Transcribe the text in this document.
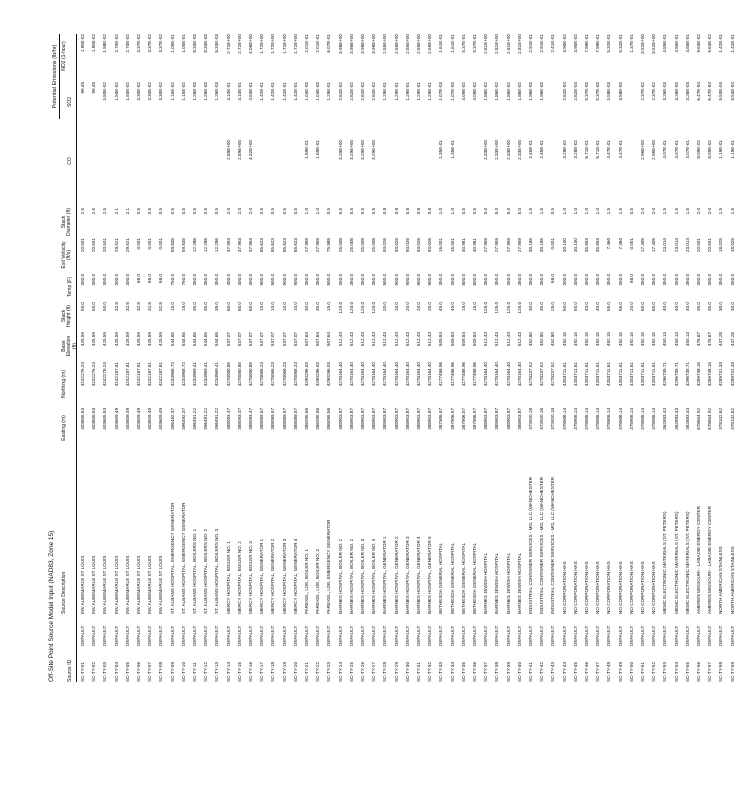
Off-Site Point Source Model Input (NAD83, Zone 15)
Potential Emissions (lb/hr)
Source ID
Source Description
Easting (m)
Northing (m)
Base Elevation (ft)
Stack Height (ft)
Temp (F)
Exit Velocity (ft/s)
Stack Diameter (ft)
CO
SO2
NO2 (1-hour)
SC-TY-01
DEFAULT
INV ALBEMARLE ST LOUIS
403605.53
4242276.24
425.59
50.0
300.0
20.501
2.5
99.45
1.980-02
SC-TY-02
DEFAULT
INV ALBEMARLE ST LOUIS
403605.53
4242276.24
425.59
50.0
300.0
20.501
2.5
99.45
1.980-02
SC-TY-03
DEFAULT
INV ALBEMARLE ST LOUIS
403605.53
4242276.24
425.59
50.0
300.0
20.501
2.5
3.80E-02
1.98E-02
SC-TY-04
DEFAULT
INV ALBEMARLE ST LOUIS
403609.49
4242187.81
425.59
32.8
300.0
29.521
2.1
1.50E-02
2.70E-02
SC-TY-05
DEFAULT
INV ALBEMARLE ST LOUIS
403609.49
4242187.81
425.59
32.8
300.0
29.521
2.1
1.50E-02
2.70E-02
SC-TY-06
DEFAULT
INV ALBEMARLE ST LOUIS
403609.49
4242187.81
425.59
32.8
68.0
0.001
0.5
3.30E-02
3.37E-02
SC-TY-07
DEFAULT
INV ALBEMARLE ST LOUIS
403609.49
4242187.81
425.59
32.8
68.0
0.001
0.5
3.30E-02
3.37E-02
SC-TY-08
DEFAULT
INV ALBEMARLE ST LOUIS
403609.49
4242187.81
425.59
32.8
68.0
0.001
0.5
3.30E-02
3.37E-02
SC-TY-09
DEFAULT
ST. ALBANS HOSPITAL, EMERGENCY GENERATOR
396492.37
4234968.72
544.65
15.0
750.0
59.835
0.5
1.15E-02
1.05E-01
SC-TY-10
DEFAULT
ST. ALBANS HOSPITAL, EMERGENCY GENERATOR
396492.37
4234968.72
544.65
15.0
750.0
59.835
0.5
1.15E-02
1.05E-01
SC-TY-11
DEFAULT
ST. ALBANS HOSPITAL, BOILERS NO. 1
396491.22
4234969.41
544.65
35.0
350.0
12.286
0.5
1.26E-03
8.33E-03
SC-TY-12
DEFAULT
ST. ALBANS HOSPITAL, BOILERS NO. 2
396491.22
4234969.41
544.65
35.0
350.0
12.286
0.5
1.26E-03
8.33E-03
SC-TY-13
DEFAULT
ST. ALBANS HOSPITAL, BOILERS NO. 3
396491.22
4234969.41
544.65
35.0
350.0
12.286
0.5
1.26E-03
8.33E-03
SC-TY-14
DEFAULT
MERCY HOSPITAL, BOILER NO. 1
388093.47
4278080.85
537.07
60.0
400.0
37.953
2.0
2.89E+00
3.10E-01
2.72E+00
SC-TY-15
DEFAULT
MERCY HOSPITAL, BOILER NO. 2
388093.47
4278080.85
537.07
60.0
400.0
37.953
2.0
2.89E+00
3.10E-01
2.72E+00
SC-TY-16
DEFAULT
MERCY HOSPITAL, BOILER NO. 3
388093.47
4278080.85
537.07
60.0
400.0
37.953
2.0
4.32E+00
4.63E-01
4.06E+00
SC-TY-17
DEFAULT
MERCY HOSPITAL, GENERATOR 1
388089.57
4278066.23
537.07
10.0
900.0
85.623
0.5
1.42E-01
1.72E+00
SC-TY-18
DEFAULT
MERCY HOSPITAL, GENERATOR 2
388089.57
4278066.23
537.07
10.0
900.0
85.623
0.5
1.42E-01
1.72E+00
SC-TY-19
DEFAULT
MERCY HOSPITAL, GENERATOR 3
388089.57
4278066.23
537.07
10.0
900.0
85.623
0.5
1.42E-01
1.72E+00
SC-TY-20
DEFAULT
MERCY HOSPITAL, GENERATOR 4
388089.57
4278066.23
537.07
10.0
900.0
85.623
0.5
1.42E-01
1.72E+00
SC-TY-21
DEFAULT
PAREXEL, LDE, BOILER NO. 1
386095.56
4290296.03
507.64
30.0
350.0
27.959
1.0
1.69E-01
1.04E-03
2.01E-01
SC-TY-22
DEFAULT
PAREXEL, LDE, BOILER NO. 2
386095.56
4290296.03
507.64
30.0
350.0
27.959
1.0
1.69E-01
1.04E-03
2.01E-01
SC-TY-23
DEFAULT
PAREXEL, LDE, EMERGENCY GENERATOR
386095.56
4290296.03
507.64
15.0
800.0
75.988
0.5
1.29E-01
6.07E-01
SC-TY-24
DEFAULT
BARNES HOSPITAL, BOILER NO. 1
388903.87
4278164.40
512.43
120.0
350.0
25.008
5.5
3.29E+00
2.62E-02
3.98E+00
SC-TY-25
DEFAULT
BARNES HOSPITAL, BOILER NO. 2
388903.87
4278164.40
512.43
120.0
350.0
25.008
5.5
3.29E+00
2.62E-02
3.98E+00
SC-TY-26
DEFAULT
BARNES HOSPITAL, BOILER NO. 3
388903.87
4278164.40
512.43
120.0
350.0
25.008
5.5
3.29E+00
2.62E-02
3.98E+00
SC-TY-27
DEFAULT
BARNES HOSPITAL, BOILER NO. 4
388903.87
4278164.40
512.43
120.0
350.0
25.008
5.5
3.29E+00
2.62E-02
3.98E+00
SC-TY-28
DEFAULT
BARNES HOSPITAL, GENERATOR 1
388903.87
4278164.40
512.43
20.0
900.0
93.026
0.8
1.29E-01
2.55E+00
SC-TY-29
DEFAULT
BARNES HOSPITAL, GENERATOR 2
388903.87
4278164.40
512.43
20.0
900.0
93.026
0.8
1.29E-01
2.55E+00
SC-TY-30
DEFAULT
BARNES HOSPITAL, GENERATOR 3
388903.87
4278164.40
512.43
20.0
900.0
93.026
0.8
1.29E-01
2.55E+00
SC-TY-31
DEFAULT
BARNES HOSPITAL, GENERATOR 4
388903.87
4278164.40
512.43
20.0
900.0
93.026
0.8
1.29E-01
2.55E+00
SC-TY-32
DEFAULT
BARNES HOSPITAL, GENERATOR 5
388903.87
4278164.40
512.43
20.0
900.0
93.026
0.8
1.29E-01
2.55E+00
SC-TY-33
DEFAULT
BETHESDA GENERAL HOSPITAL
387906.57
4277486.96
509.84
45.0
350.0
16.001
1.0
1.35E-01
1.07E-03
1.61E-01
SC-TY-34
DEFAULT
BETHESDA GENERAL HOSPITAL
387906.57
4277486.96
509.84
45.0
350.0
16.001
1.0
1.35E-01
1.07E-03
1.61E-01
SC-TY-35
DEFAULT
BETHESDA GENERAL HOSPITAL
387906.57
4277486.96
509.84
15.0
800.0
40.981
0.5
4.09E-02
5.37E-01
SC-TY-36
DEFAULT
BETHESDA GENERAL HOSPITAL
387906.57
4277486.96
509.84
15.0
800.0
40.981
0.5
4.09E-02
5.37E-01
SC-TY-37
DEFAULT
BARNES JEWISH HOSPITAL
388903.87
4278164.40
512.43
125.0
350.0
27.959
5.0
2.33E+00
1.86E-02
2.81E+00
SC-TY-38
DEFAULT
BARNES JEWISH HOSPITAL
388903.87
4278164.40
512.43
125.0
350.0
27.959
5.0
2.33E+00
1.86E-02
2.81E+00
SC-TY-39
DEFAULT
BARNES JEWISH HOSPITAL
388903.87
4278164.40
512.43
125.0
350.0
27.959
5.0
2.33E+00
1.86E-02
2.81E+00
SC-TY-40
DEFAULT
BARNES JEWISH HOSPITAL
388903.87
4278164.40
512.43
125.0
350.0
27.959
5.0
2.33E+00
1.86E-02
2.81E+00
SC-TY-41
DEFAULT
INDUSTRIAL CONTAINER SERVICES - MO, LLC (MANCHESTER
373920.18
4278237.52
452.80
30.0
350.0
30.185
1.5
2.45E-01
1.96E-03
2.91E-01
SC-TY-42
DEFAULT
INDUSTRIAL CONTAINER SERVICES - MO, LLC (MANCHESTER
373920.18
4278237.52
452.80
30.0
350.0
30.185
1.5
2.45E-01
1.96E-03
2.91E-01
SC-TY-43
DEFAULT
INDUSTRIAL CONTAINER SERVICES - MO, LLC (MANCHESTER
373920.18
4278237.52
452.80
25.0
68.0
0.001
0.5
2.41E-01
SC-TY-44
DEFAULT
NO CORPORATION HAS
378906.14
4283711.61
492.15
50.0
300.0
30.100
1.0
3.28E-02
2.62E-04
3.90E-02
SC-TY-45
DEFAULT
NO CORPORATION HAS
378906.14
4283711.61
492.15
50.0
300.0
30.100
1.0
3.28E-02
2.62E-04
3.90E-02
SC-TY-46
DEFAULT
NO CORPORATION HAS
378906.14
4283711.61
492.15
40.0
400.0
35.853
1.0
6.71E-01
5.37E-03
7.99E-01
SC-TY-47
DEFAULT
NO CORPORATION HAS
378906.14
4283711.61
492.15
40.0
400.0
35.853
1.0
6.71E-01
5.37E-03
7.99E-01
SC-TY-48
DEFAULT
NO CORPORATION HAS
378906.14
4283711.61
492.15
55.0
350.0
7.460
1.5
4.47E-01
3.58E-03
5.32E-01
SC-TY-49
DEFAULT
NO CORPORATION HAS
378906.14
4283711.61
492.15
55.0
350.0
7.460
1.5
4.47E-01
3.58E-03
5.32E-01
SC-TY-50
DEFAULT
NO CORPORATION HAS
378906.14
4283711.61
492.15
20.0
68.0
0.001
0.5
1.37E-01
SC-TY-51
DEFAULT
NO CORPORATION HAS
378906.14
4283711.61
492.15
60.0
350.0
17.405
2.0
2.96E+00
2.37E-02
3.52E+00
SC-TY-52
DEFAULT
NO CORPORATION HAS
378906.14
4283711.61
492.15
60.0
350.0
17.405
2.0
2.96E+00
2.37E-02
3.52E+00
SC-TY-53
DEFAULT
MEMC ELECTRONIC MATERIALS (ST. PETERS)
362893.43
4296735.71
450.13
40.0
350.0
23.014
1.5
4.07E-01
3.26E-03
4.85E-01
SC-TY-54
DEFAULT
MEMC ELECTRONIC MATERIALS (ST. PETERS)
362893.43
4296735.71
450.13
40.0
350.0
23.014
1.5
4.07E-01
3.26E-03
4.85E-01
SC-TY-55
DEFAULT
MEMC ELECTRONIC MATERIALS (ST. PETERS)
362893.43
4296735.71
450.13
40.0
350.0
23.014
1.5
4.07E-01
3.26E-03
4.85E-01
SC-TY-56
DEFAULT
AMEREN MISSOURI - LABADIE ENERGY CENTER
678654.92
4269748.15
476.67
35.0
300.0
20.501
2.0
8.09E-02
6.47E-04
9.63E-02
SC-TY-57
DEFAULT
AMEREN MISSOURI - LABADIE ENERGY CENTER
678654.92
4269748.15
476.67
35.0
300.0
20.501
2.0
8.09E-02
6.47E-04
9.63E-02
SC-TY-58
DEFAULT
NORTH AMERICAN STAINLESS
378102.62
4289741.33
447.28
30.0
350.0
18.025
1.5
1.19E-01
9.53E-04
1.42E-01
SC-TY-59
DEFAULT
NORTH AMERICAN STAINLESS
378102.62
4289741.33
447.28
30.0
350.0
18.025
1.5
1.19E-01
9.53E-04
1.42E-01
